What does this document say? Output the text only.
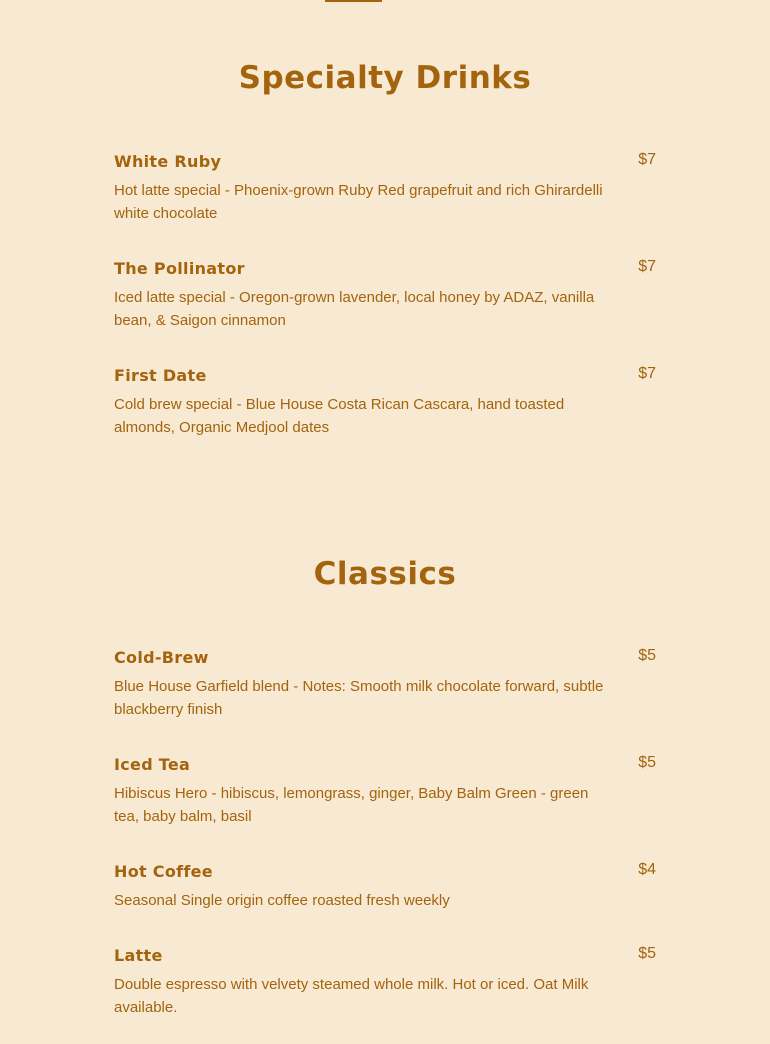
Specialty Drinks
White Ruby	$7
Hot latte special - Phoenix-grown Ruby Red grapefruit and rich Ghirardelli white chocolate
The Pollinator	$7
Iced latte special - Oregon-grown lavender, local honey by ADAZ, vanilla bean, & Saigon cinnamon
First Date	$7
Cold brew special - Blue House Costa Rican Cascara, hand toasted almonds, Organic Medjool dates
Classics
Cold-Brew	$5
Blue House Garfield blend - Notes: Smooth milk chocolate forward, subtle blackberry finish
Iced Tea	$5
Hibiscus Hero - hibiscus, lemongrass, ginger, Baby Balm Green - green tea, baby balm, basil
Hot Coffee	$4
Seasonal Single origin coffee roasted fresh weekly
Latte	$5
Double espresso with velvety steamed whole milk. Hot or iced. Oat Milk available.
